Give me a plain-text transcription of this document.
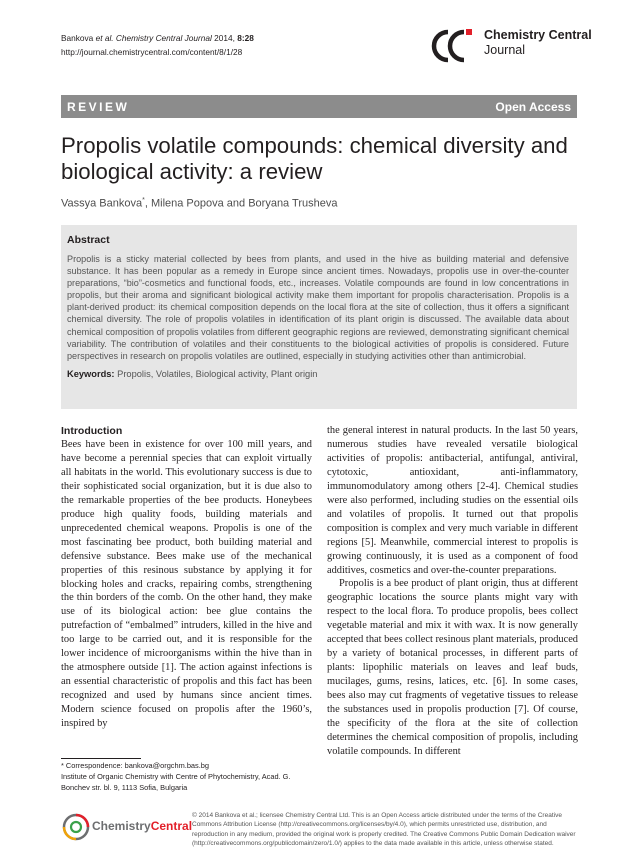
Bankova et al. Chemistry Central Journal 2014, 8:28
http://journal.chemistrycentral.com/content/8/1/28
Chemistry Central
Journal
REVIEW	Open Access
Propolis volatile compounds: chemical diversity and biological activity: a review
Vassya Bankova*, Milena Popova and Boryana Trusheva
Abstract
Propolis is a sticky material collected by bees from plants, and used in the hive as building material and defensive substance. It has been popular as a remedy in Europe since ancient times. Nowadays, propolis use in over-the-counter preparations, “bio”-cosmetics and functional foods, etc., increases. Volatile compounds are found in low concentrations in propolis, but their aroma and significant biological activity make them important for propolis characterisation. Propolis is a plant-derived product: its chemical composition depends on the local flora at the site of collection, thus it offers a significant chemical diversity. The role of propolis volatiles in identification of its plant origin is discussed. The available data about chemical composition of propolis volatiles from different geographic regions are reviewed, demonstrating significant chemical variability. The contribution of volatiles and their constituents to the biological activities of propolis is considered. Future perspectives in research on propolis volatiles are outlined, especially in studying activities other than antimicrobial.
Keywords: Propolis, Volatiles, Biological activity, Plant origin
Introduction

Bees have been in existence for over 100 mill years, and have become a perennial species that can exploit virtually all habitats in the world. This evolutionary success is due to their sophisticated social organization, but it is due also to the remarkable properties of the bee products. Honeybees produce high quality foods, building materials and unprecedented chemical weapons. Propolis is one of the most fascinating bee product, both building material and defensive substance. Bees make use of the mechanical properties of this resinous substance by applying it for blocking holes and cracks, repairing combs, strengthening the thin borders of the comb. On the other hand, they make use of its biological action: bee glue contains the putrefaction of “embalmed” intruders, killed in the hive and too large to be carried out, and it is responsible for the lower incidence of microorganisms within the hive than in the atmosphere outside [1]. The action against infections is an essential characteristic of propolis and this fact has been recognized and used by humans since ancient times. Modern science focused on propolis after the 1960’s, inspired by

the general interest in natural products. In the last 50 years, numerous studies have revealed versatile biological activities of propolis: antibacterial, antifungal, antiviral, cytotoxic, antioxidant, anti-inflammatory, immunomodulatory among others [2-4]. Chemical studies were also performed, including studies on the essential oils and volatiles of propolis. It turned out that propolis composition is complex and very much variable in different regions [5]. Meanwhile, commercial interest to propolis is growing continuously, it is used as a component of food additives, cosmetics and over-the-counter preparations.

Propolis is a bee product of plant origin, thus at different geographic locations the source plants might vary with respect to the local flora. To produce propolis, bees collect vegetable material and mix it with wax. It is now generally accepted that bees collect resinous plant materials, produced by a variety of botanical processes, in different parts of plants: lipophilic materials on leaves and leaf buds, mucilages, gums, resins, latices, etc. [6]. In some cases, bees also may cut fragments of vegetative tissues to release the substances used in propolis production [7]. Of course, the specificity of the flora at the site of collection determines the chemical composition of propolis, including volatile compounds. In different

* Correspondence: bankova@orgchm.bas.bg
Institute of Organic Chemistry with Centre of Phytochemistry, Acad. G. Bonchev str. bl. 9, 1113 Sofia, Bulgaria
ChemistryCentral
© 2014 Bankova et al.; licensee Chemistry Central Ltd. This is an Open Access article distributed under the terms of the Creative Commons Attribution License (http://creativecommons.org/licenses/by/4.0), which permits unrestricted use, distribution, and reproduction in any medium, provided the original work is properly credited. The Creative Commons Public Domain Dedication waiver (http://creativecommons.org/publicdomain/zero/1.0/) applies to the data made available in this article, unless otherwise stated.
